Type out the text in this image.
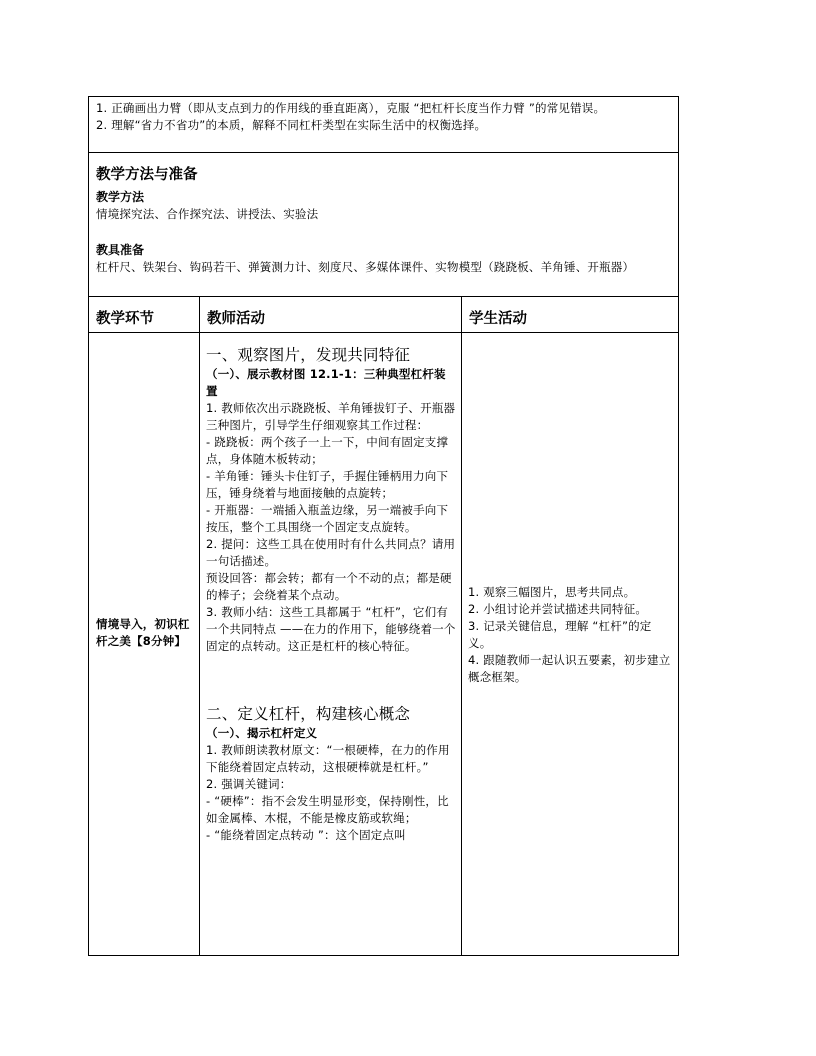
1. 正确画出力臂（即从支点到力的作用线的垂直距离），克服 “把杠杆长度当作力臂 ”的常见错误。

2. 理解“省力不省功”的本质，解释不同杠杆类型在实际生活中的权衡选择。

教学方法与准备
教学方法
情境探究法、合作探究法、讲授法、实验法
教具准备
杠杆尺、铁架台、钩码若干、弹簧测力计、刻度尺、多媒体课件、实物模型（跷跷板、羊角锤、开瓶器）
教学环节	教师活动	学生活动
情境导入，初识杠杆之美【8分钟】
一、观察图片，发现共同特征

（一）、展示教材图 12.1-1：三种典型杠杆装置

1. 教师依次出示跷跷板、羊角锤拔钉子、开瓶器三种图片，引导学生仔细观察其工作过程：

- 跷跷板：两个孩子一上一下，中间有固定支撑点，身体随木板转动；

- 羊角锤：锤头卡住钉子，手握住锤柄用力向下压，锤身绕着与地面接触的点旋转；

- 开瓶器：一端插入瓶盖边缘，另一端被手向下按压，整个工具围绕一个固定支点旋转。

2. 提问：这些工具在使用时有什么共同点？请用一句话描述。

预设回答：都会转；都有一个不动的点；都是硬的棒子；会绕着某个点动。

3. 教师小结：这些工具都属于 “杠杆”，它们有一个共同特点 ——在力的作用下，能够绕着一个固定的点转动。这正是杠杆的核心特征。

二、定义杠杆，构建核心概念

（一）、揭示杠杆定义

1. 教师朗读教材原文：“一根硬棒，在力的作用下能绕着固定点转动，这根硬棒就是杠杆。”

2. 强调关键词：

- “硬棒”：指不会发生明显形变，保持刚性，比如金属棒、木棍，不能是橡皮筋或软绳；

- “能绕着固定点转动 ”：这个固定点叫

1. 观察三幅图片，思考共同点。

2. 小组讨论并尝试描述共同特征。

3. 记录关键信息，理解 “杠杆”的定义。

4. 跟随教师一起认识五要素，初步建立概念框架。
